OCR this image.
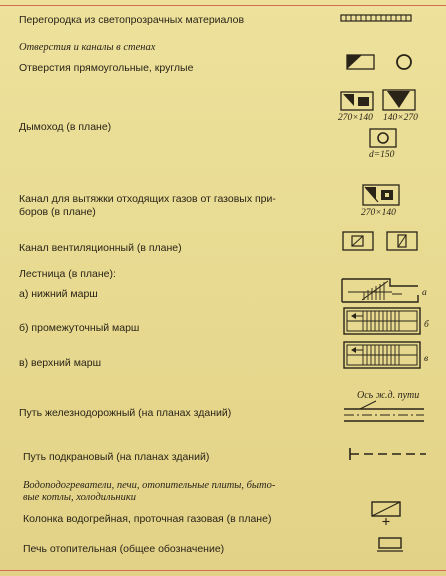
Перегородка из светопрозрачных материалов
Отверстия и каналы в стенах
Отверстия прямоугольные, круглые
Дымоход (в плане)
Канал для вытяжки отходящих газов от газовых при-
боров (в плане)
Канал вентиляционный (в плане)
Лестница (в плане):
а) нижний марш
б) промежуточный марш
в) верхний марш
Путь железнодорожный (на планах зданий)
Путь подкрановый (на планах зданий)
Водоподогреватели, печи, отопительные плиты, быто-
вые котлы, холодильники
Колонка водогрейная, проточная газовая (в плане)
Печь отопительная (общее обозначение)
270×140 140×270
d=150
270×140
а
б
в
Ось ж.д. пути
